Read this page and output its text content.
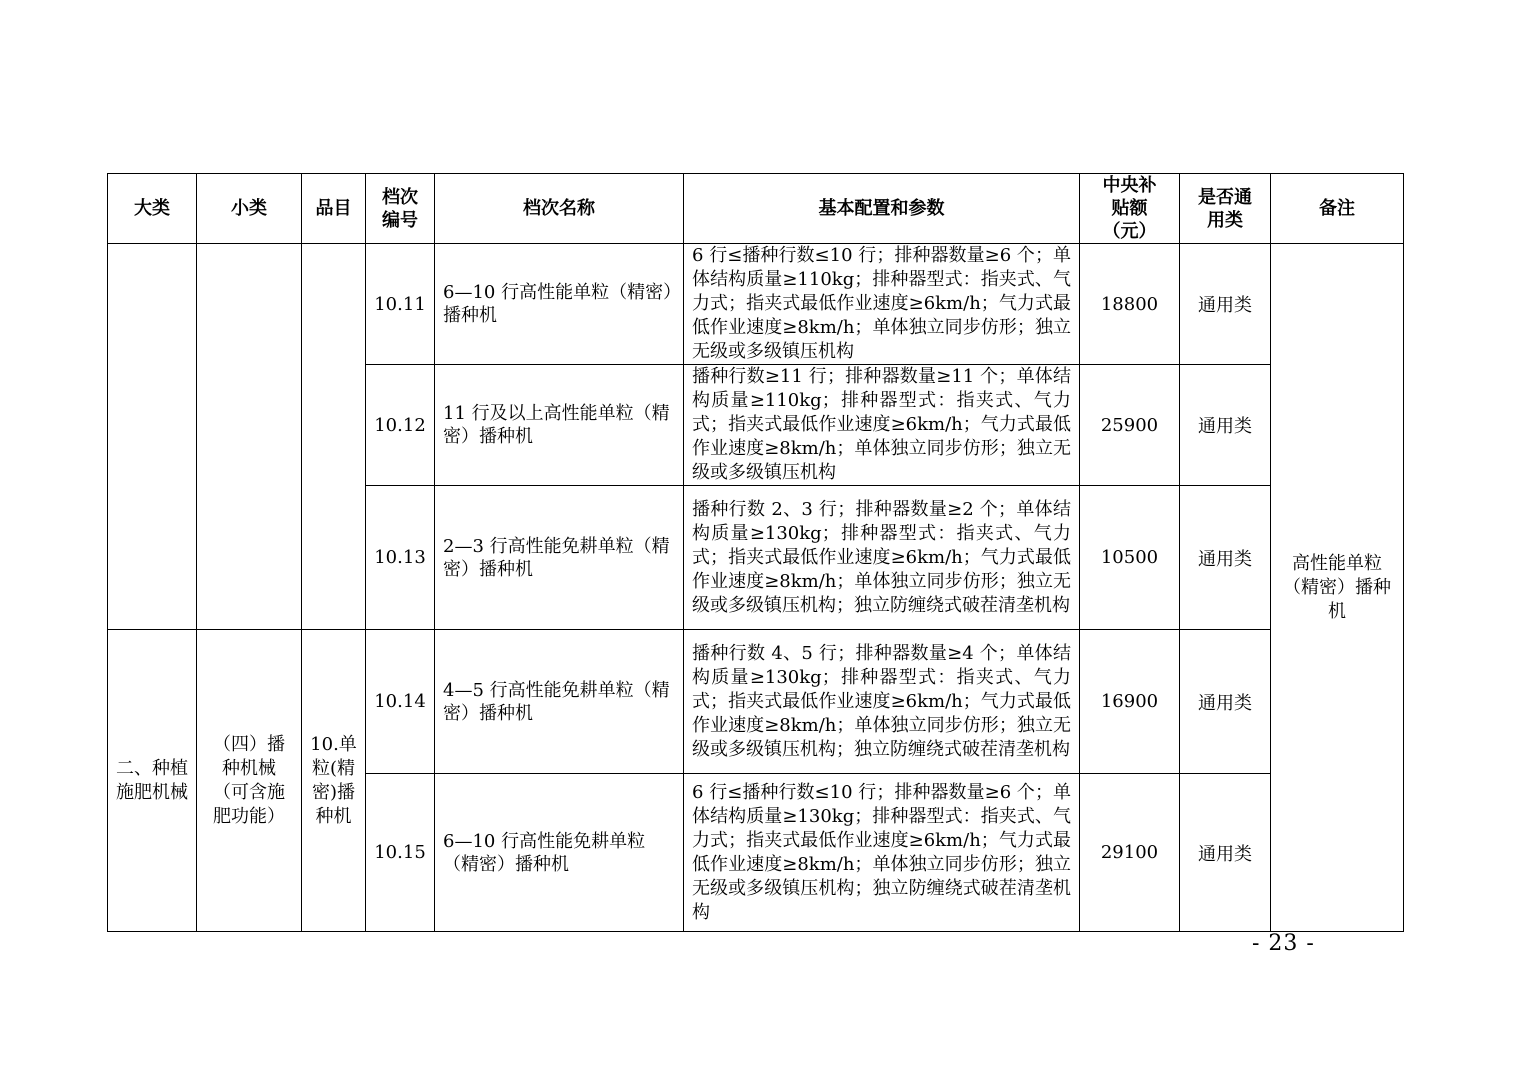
大类	小类	品目	档次编号	档次名称	基本配置和参数	中央补贴额（元）	是否通用类	备注
			10.11	6—10 行高性能单粒（精密）播种机	6 行≤播种行数≤10 行；排种器数量≥6 个；单体结构质量≥110kg；排种器型式：指夹式、气力式；指夹式最低作业速度≥6km/h；气力式最低作业速度≥8km/h；单体独立同步仿形；独立无级或多级镇压机构	18800	通用类	高性能单粒（精密）播种机
			10.12	11 行及以上高性能单粒（精密）播种机	播种行数≥11 行；排种器数量≥11 个；单体结构质量≥110kg；排种器型式：指夹式、气力式；指夹式最低作业速度≥6km/h；气力式最低作业速度≥8km/h；单体独立同步仿形；独立无级或多级镇压机构	25900	通用类	
			10.13	2—3 行高性能免耕单粒（精密）播种机	播种行数 2、3 行；排种器数量≥2 个；单体结构质量≥130kg；排种器型式：指夹式、气力式；指夹式最低作业速度≥6km/h；气力式最低作业速度≥8km/h；单体独立同步仿形；独立无级或多级镇压机构；独立防缠绕式破茬清垄机构	10500	通用类	
二、种植施肥机械	（四）播种机械（可含施肥功能）	10.单粒(精密)播种机	10.14	4—5 行高性能免耕单粒（精密）播种机	播种行数 4、5 行；排种器数量≥4 个；单体结构质量≥130kg；排种器型式：指夹式、气力式；指夹式最低作业速度≥6km/h；气力式最低作业速度≥8km/h；单体独立同步仿形；独立无级或多级镇压机构；独立防缠绕式破茬清垄机构	16900	通用类	
			10.15	6—10 行高性能免耕单粒（精密）播种机	6 行≤播种行数≤10 行；排种器数量≥6 个；单体结构质量≥130kg；排种器型式：指夹式、气力式；指夹式最低作业速度≥6km/h；气力式最低作业速度≥8km/h；单体独立同步仿形；独立无级或多级镇压机构；独立防缠绕式破茬清垄机构	29100	通用类	
- 23 -
